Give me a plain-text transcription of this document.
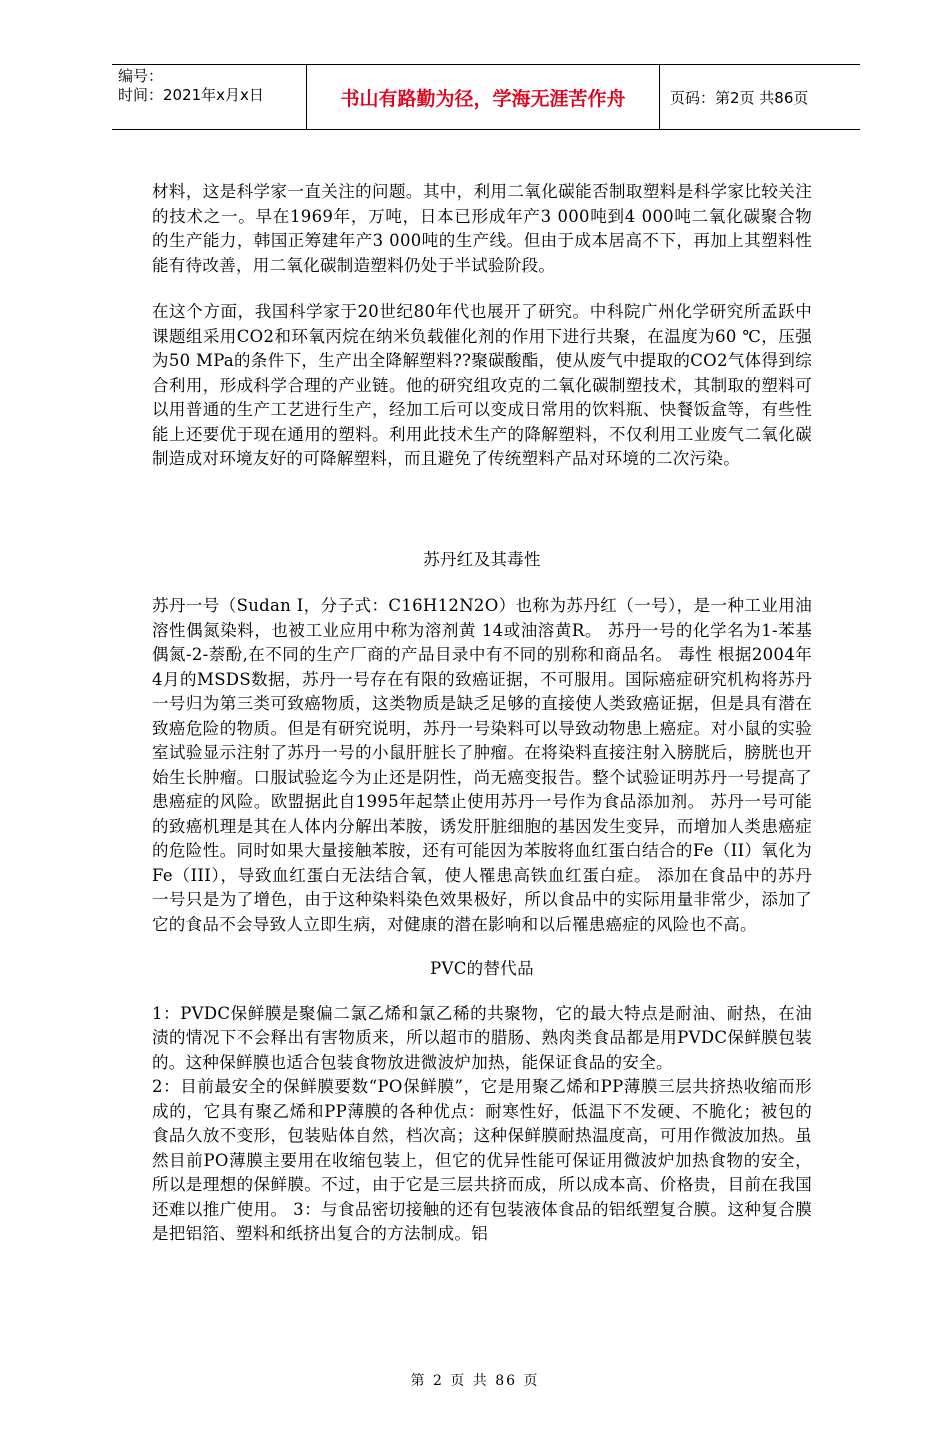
编号：
时间：2021年x月x日	书山有路勤为径，学海无涯苦作舟	页码：第2页 共86页

材料，这是科学家一直关注的问题。其中，利用二氧化碳能否制取塑料是科学家比较关注的技术之一。早在1969年，万吨，日本已形成年产3 000吨到4 000吨二氧化碳聚合物的生产能力，韩国正筹建年产3 000吨的生产线。但由于成本居高不下，再加上其塑料性能有待改善，用二氧化碳制造塑料仍处于半试验阶段。

在这个方面，我国科学家于20世纪80年代也展开了研究。中科院广州化学研究所孟跃中课题组采用CO2和环氧丙烷在纳米负载催化剂的作用下进行共聚，在温度为60 ℃，压强为50 MPa的条件下，生产出全降解塑料??聚碳酸酯，使从废气中提取的CO2气体得到综合利用，形成科学合理的产业链。他的研究组攻克的二氧化碳制塑技术，其制取的塑料可以用普通的生产工艺进行生产，经加工后可以变成日常用的饮料瓶、快餐饭盒等，有些性能上还要优于现在通用的塑料。利用此技术生产的降解塑料，不仅利用工业废气二氧化碳制造成对环境友好的可降解塑料，而且避免了传统塑料产品对环境的二次污染。

苏丹红及其毒性

苏丹一号（Sudan I，分子式：C16H12N2O）也称为苏丹红（一号），是一种工业用油溶性偶氮染料，也被工业应用中称为溶剂黄 14或油溶黄R。 苏丹一号的化学名为1-苯基偶氮-2-萘酚,在不同的生产厂商的产品目录中有不同的别称和商品名。 毒性 根据2004年4月的MSDS数据，苏丹一号存在有限的致癌证据，不可服用。国际癌症研究机构将苏丹一号归为第三类可致癌物质，这类物质是缺乏足够的直接使人类致癌证据，但是具有潜在致癌危险的物质。但是有研究说明，苏丹一号染料可以导致动物患上癌症。对小鼠的实验室试验显示注射了苏丹一号的小鼠肝脏长了肿瘤。在将染料直接注射入膀胱后，膀胱也开始生长肿瘤。口服试验迄今为止还是阴性，尚无癌变报告。整个试验证明苏丹一号提高了患癌症的风险。欧盟据此自1995年起禁止使用苏丹一号作为食品添加剂。 苏丹一号可能的致癌机理是其在人体内分解出苯胺，诱发肝脏细胞的基因发生变异，而增加人类患癌症的危险性。同时如果大量接触苯胺，还有可能因为苯胺将血红蛋白结合的Fe（II）氧化为Fe（III），导致血红蛋白无法结合氧，使人罹患高铁血红蛋白症。 添加在食品中的苏丹一号只是为了增色，由于这种染料染色效果极好，所以食品中的实际用量非常少，添加了它的食品不会导致人立即生病，对健康的潜在影响和以后罹患癌症的风险也不高。

PVC的替代品

1：PVDC保鲜膜是聚偏二氯乙烯和氯乙稀的共聚物，它的最大特点是耐油、耐热，在油渍的情况下不会释出有害物质来，所以超市的腊肠、熟肉类食品都是用PVDC保鲜膜包装的。这种保鲜膜也适合包装食物放进微波炉加热，能保证食品的安全。

2：目前最安全的保鲜膜要数“PO保鲜膜”，它是用聚乙烯和PP薄膜三层共挤热收缩而形成的，它具有聚乙烯和PP薄膜的各种优点：耐寒性好，低温下不发硬、不脆化；被包的食品久放不变形，包装贴体自然，档次高；这种保鲜膜耐热温度高，可用作微波加热。虽然目前PO薄膜主要用在收缩包装上，但它的优异性能可保证用微波炉加热食物的安全，所以是理想的保鲜膜。不过，由于它是三层共挤而成，所以成本高、价格贵，目前在我国还难以推广使用。 3：与食品密切接触的还有包装液体食品的铝纸塑复合膜。这种复合膜是把铝箔、塑料和纸挤出复合的方法制成。铝

第 2 页 共 86 页
